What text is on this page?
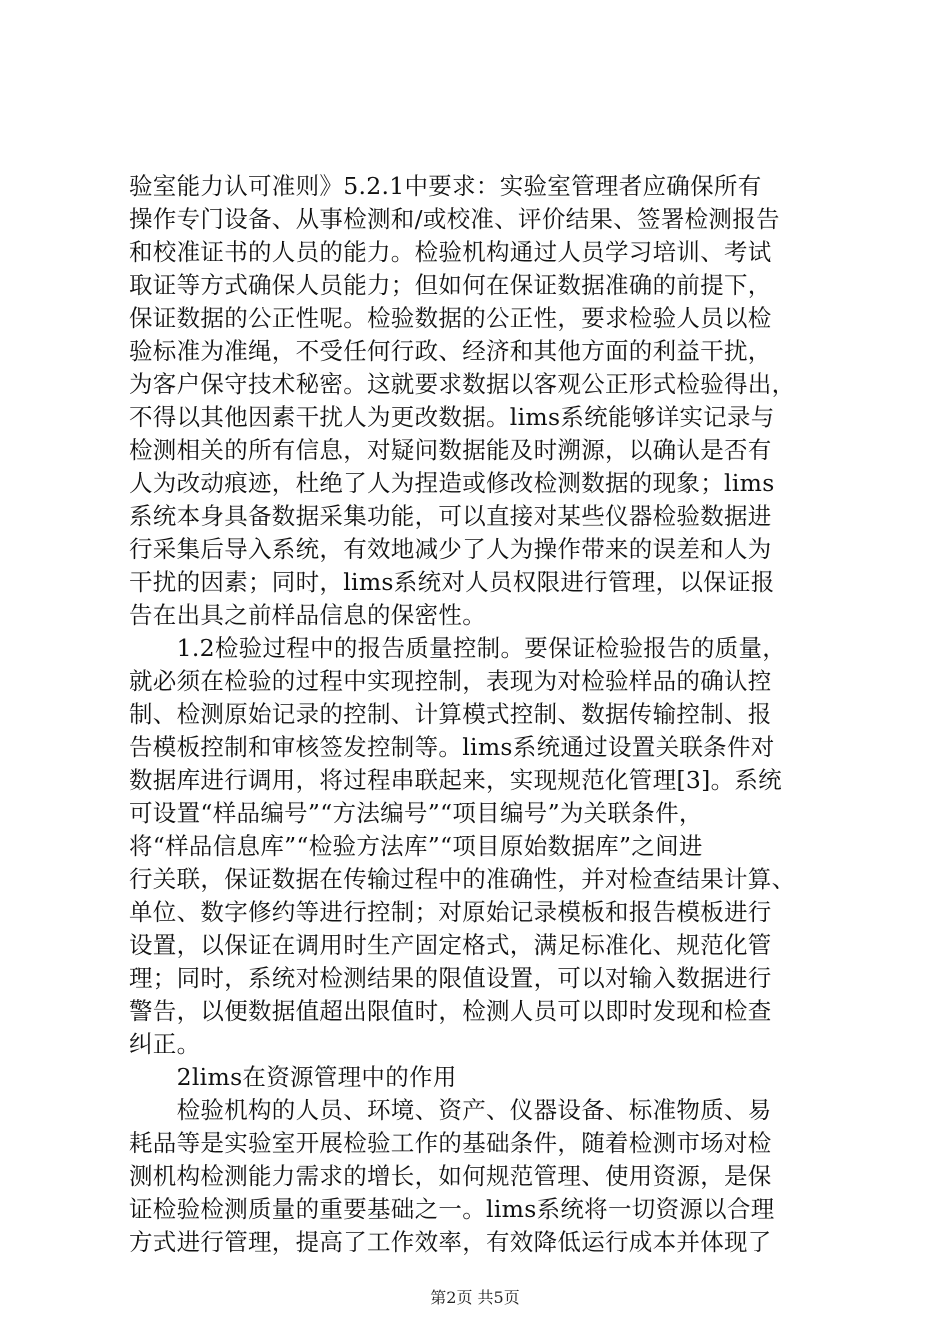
验室能力认可准则》5.2.1中要求：实验室管理者应确保所有
操作专门设备、从事检测和/或校准、评价结果、签署检测报告
和校准证书的人员的能力。检验机构通过人员学习培训、考试
取证等方式确保人员能力；但如何在保证数据准确的前提下，
保证数据的公正性呢。检验数据的公正性，要求检验人员以检
验标准为准绳，不受任何行政、经济和其他方面的利益干扰，
为客户保守技术秘密。这就要求数据以客观公正形式检验得出，
不得以其他因素干扰人为更改数据。lims系统能够详实记录与
检测相关的所有信息，对疑问数据能及时溯源，以确认是否有
人为改动痕迹，杜绝了人为捏造或修改检测数据的现象；lims
系统本身具备数据采集功能，可以直接对某些仪器检验数据进
行采集后导入系统，有效地减少了人为操作带来的误差和人为
干扰的因素；同时，lims系统对人员权限进行管理，以保证报
告在出具之前样品信息的保密性。
　　1.2检验过程中的报告质量控制。要保证检验报告的质量，
就必须在检验的过程中实现控制，表现为对检验样品的确认控
制、检测原始记录的控制、计算模式控制、数据传输控制、报
告模板控制和审核签发控制等。lims系统通过设置关联条件对
数据库进行调用，将过程串联起来，实现规范化管理[3]。系统
可设置“样品编号”“方法编号”“项目编号”为关联条件，
将“样品信息库”“检验方法库”“项目原始数据库”之间进
行关联，保证数据在传输过程中的准确性，并对检查结果计算、
单位、数字修约等进行控制；对原始记录模板和报告模板进行
设置，以保证在调用时生产固定格式，满足标准化、规范化管
理；同时，系统对检测结果的限值设置，可以对输入数据进行
警告，以便数据值超出限值时，检测人员可以即时发现和检查
纠正。
　　2lims在资源管理中的作用
　　检验机构的人员、环境、资产、仪器设备、标准物质、易
耗品等是实验室开展检验工作的基础条件，随着检测市场对检
测机构检测能力需求的增长，如何规范管理、使用资源，是保
证检验检测质量的重要基础之一。lims系统将一切资源以合理
方式进行管理，提高了工作效率，有效降低运行成本并体现了
第2页 共5页
